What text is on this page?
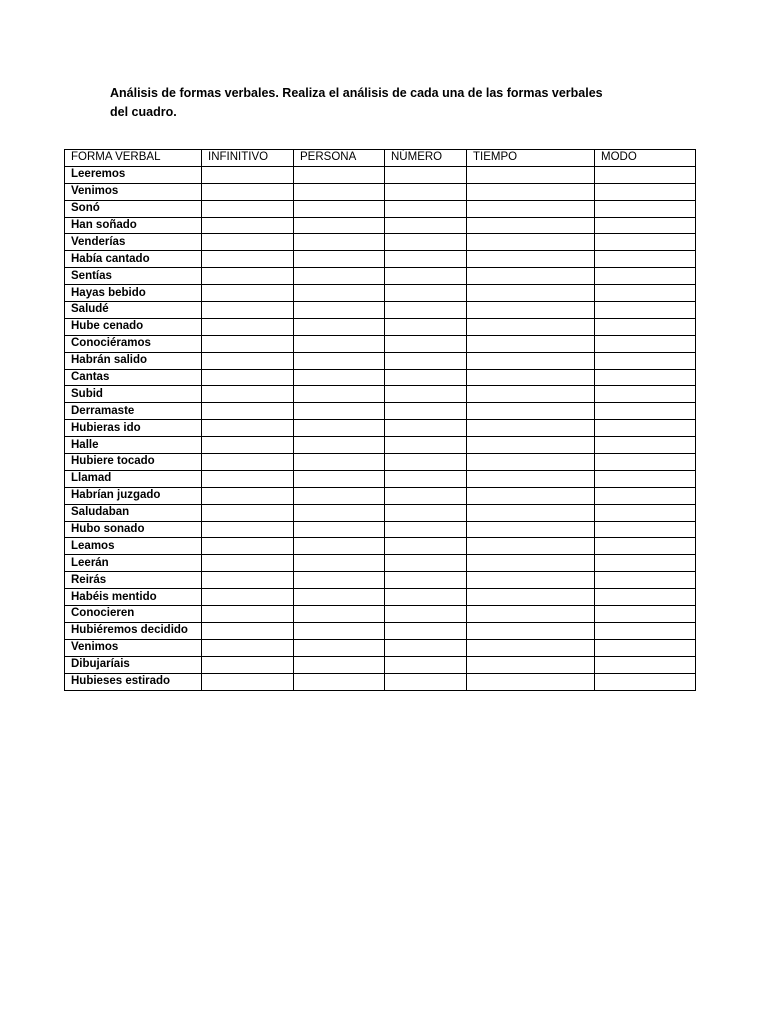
Análisis de formas verbales. Realiza el análisis de cada una de las formas verbales
del cuadro.

FORMA VERBAL	INFINITIVO	PERSONA	NÚMERO	TIEMPO	MODO
Leeremos					
Venimos					
Sonó					
Han soñado					
Venderías					
Había cantado					
Sentías					
Hayas bebido					
Saludé					
Hube cenado					
Conociéramos					
Habrán salido					
Cantas					
Subid					
Derramaste					
Hubieras ido					
Halle					
Hubiere tocado					
Llamad					
Habrían juzgado					
Saludaban					
Hubo sonado					
Leamos					
Leerán					
Reirás					
Habéis mentido					
Conocieren					
Hubiéremos decidido					
Venimos					
Dibujaríais					
Hubieses estirado					
